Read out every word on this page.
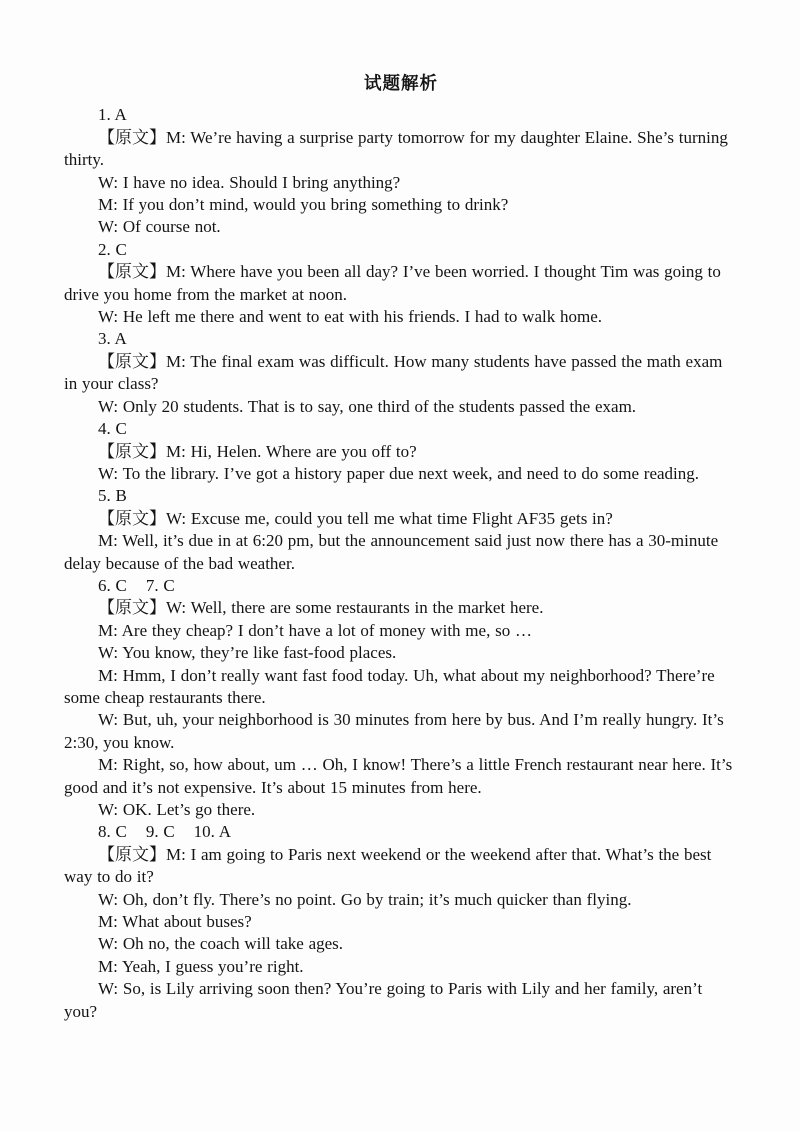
试题解析

1. A

【原文】M: We’re having a surprise party tomorrow for my daughter Elaine. She’s turning thirty.

W: I have no idea. Should I bring anything?

M: If you don’t mind, would you bring something to drink?

W: Of course not.

2. C

【原文】M: Where have you been all day? I’ve been worried. I thought Tim was going to drive you home from the market at noon.

W: He left me there and went to eat with his friends. I had to walk home.

3. A

【原文】M: The final exam was difficult. How many students have passed the math exam in your class?

W: Only 20 students. That is to say, one third of the students passed the exam.

4. C

【原文】M: Hi, Helen. Where are you off to?

W: To the library. I’ve got a history paper due next week, and need to do some reading.

5. B

【原文】W: Excuse me, could you tell me what time Flight AF35 gets in?

M: Well, it’s due in at 6:20 pm, but the announcement said just now there has a 30-minute delay because of the bad weather.

6. C    7. C

【原文】W: Well, there are some restaurants in the market here.

M: Are they cheap? I don’t have a lot of money with me, so …

W: You know, they’re like fast-food places.

M: Hmm, I don’t really want fast food today. Uh, what about my neighborhood? There’re some cheap restaurants there.

W: But, uh, your neighborhood is 30 minutes from here by bus. And I’m really hungry. It’s 2:30, you know.

M: Right, so, how about, um … Oh, I know! There’s a little French restaurant near here. It’s good and it’s not expensive. It’s about 15 minutes from here.

W: OK. Let’s go there.

8. C    9. C    10. A

【原文】M: I am going to Paris next weekend or the weekend after that. What’s the best way to do it?

W: Oh, don’t fly. There’s no point. Go by train; it’s much quicker than flying.

M: What about buses?

W: Oh no, the coach will take ages.

M: Yeah, I guess you’re right.

W: So, is Lily arriving soon then? You’re going to Paris with Lily and her family, aren’t you?
